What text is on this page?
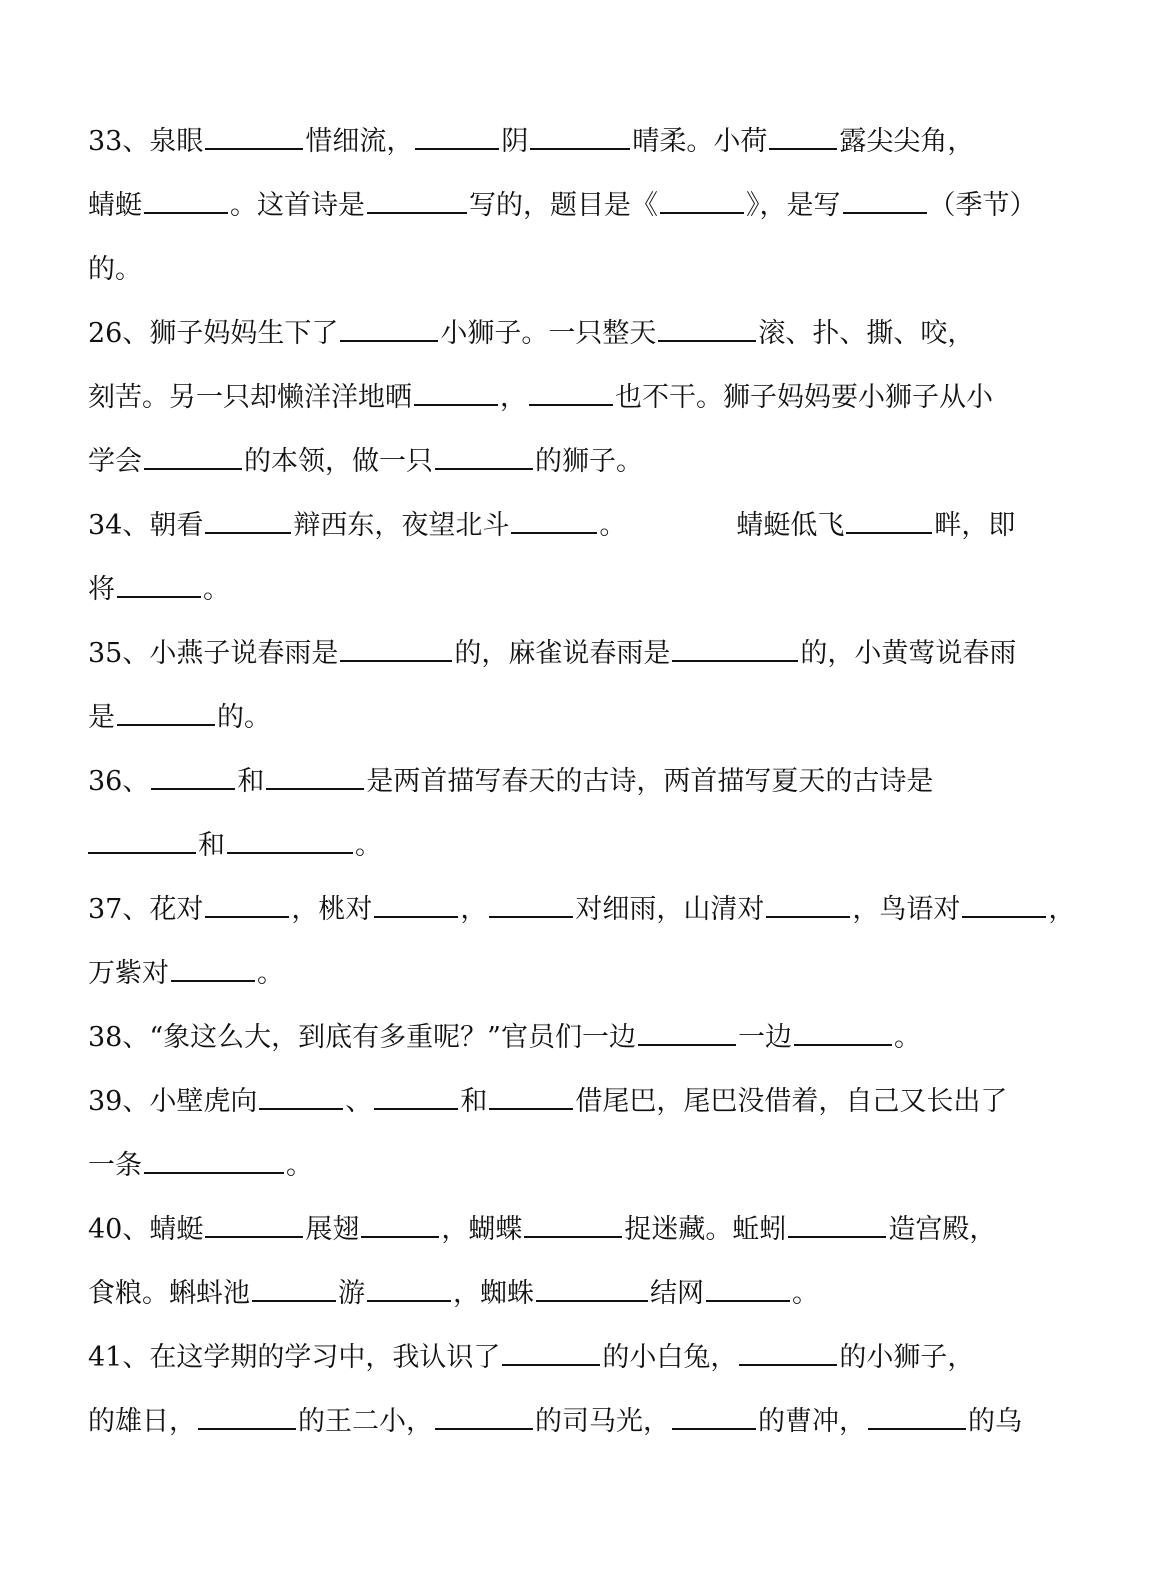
33、泉眼	惜细流，	阴	晴柔。小荷	露尖尖角，
蜻蜓	。这首诗是	写的，题目是《	》，是写	（季节）
的。
26、狮子妈妈生下了	小狮子。一只整天	滚、扑、撕、咬，
刻苦。另一只却懒洋洋地晒	，	也不干。狮子妈妈要小狮子从小
学会	的本领，做一只	的狮子。
34、朝看	辩西东，夜望北斗	。	蜻蜓低飞	畔，即
将	。
35、小燕子说春雨是	的，麻雀说春雨是	的，小黄莺说春雨
是	的。
36、	和	是两首描写春天的古诗，两首描写夏天的古诗是
和	。
37、花对	，桃对	，	对细雨，山清对	，鸟语对	，
万紫对	。
38、“象这么大，到底有多重呢？”官员们一边	一边	。
39、小壁虎向	、	和	借尾巴，尾巴没借着，自己又长出了
一条	。
40、蜻蜓	展翅	，蝴蝶	捉迷藏。蚯蚓	造宫殿，
食粮。蝌蚪池	游	，蜘蛛	结网	。
41、在这学期的学习中，我认识了	的小白兔，	的小狮子，
的雄日，	的王二小，	的司马光，	的曹冲，	的乌
